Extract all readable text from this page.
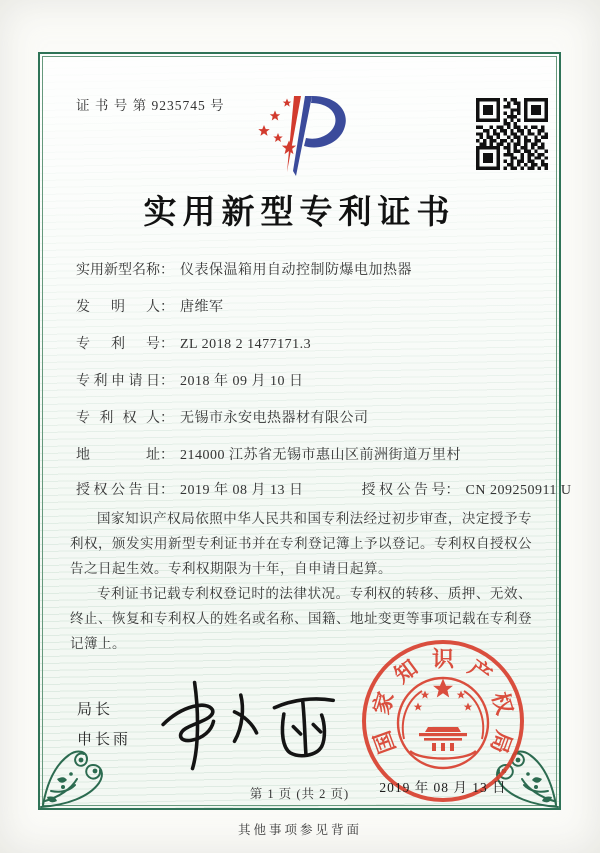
证 书 号 第 9235745 号
实用新型专利证书
实用新型名称： 仪表保温箱用自动控制防爆电加热器
发明人： 唐维军
专利号： ZL 2018 2 1477171.3
专利申请日： 2018 年 09 月 10 日
专利权人： 无锡市永安电热器材有限公司
地址： 214000 江苏省无锡市惠山区前洲街道万里村
授权公告日： 2019 年 08 月 13 日	授权公告号： CN 209250911 U

国家知识产权局依照中华人民共和国专利法经过初步审查，决定授予专利权，颁发实用新型专利证书并在专利登记簿上予以登记。专利权自授权公告之日起生效。专利权期限为十年，自申请日起算。

专利证书记载专利权登记时的法律状况。专利权的转移、质押、无效、终止、恢复和专利权人的姓名或名称、国籍、地址变更等事项记载在专利登记簿上。

局长
申长雨	国
家
知 识 产
权
局
2019 年 08 月 13 日
第 1 页 (共 2 页)
其他事项参见背面
